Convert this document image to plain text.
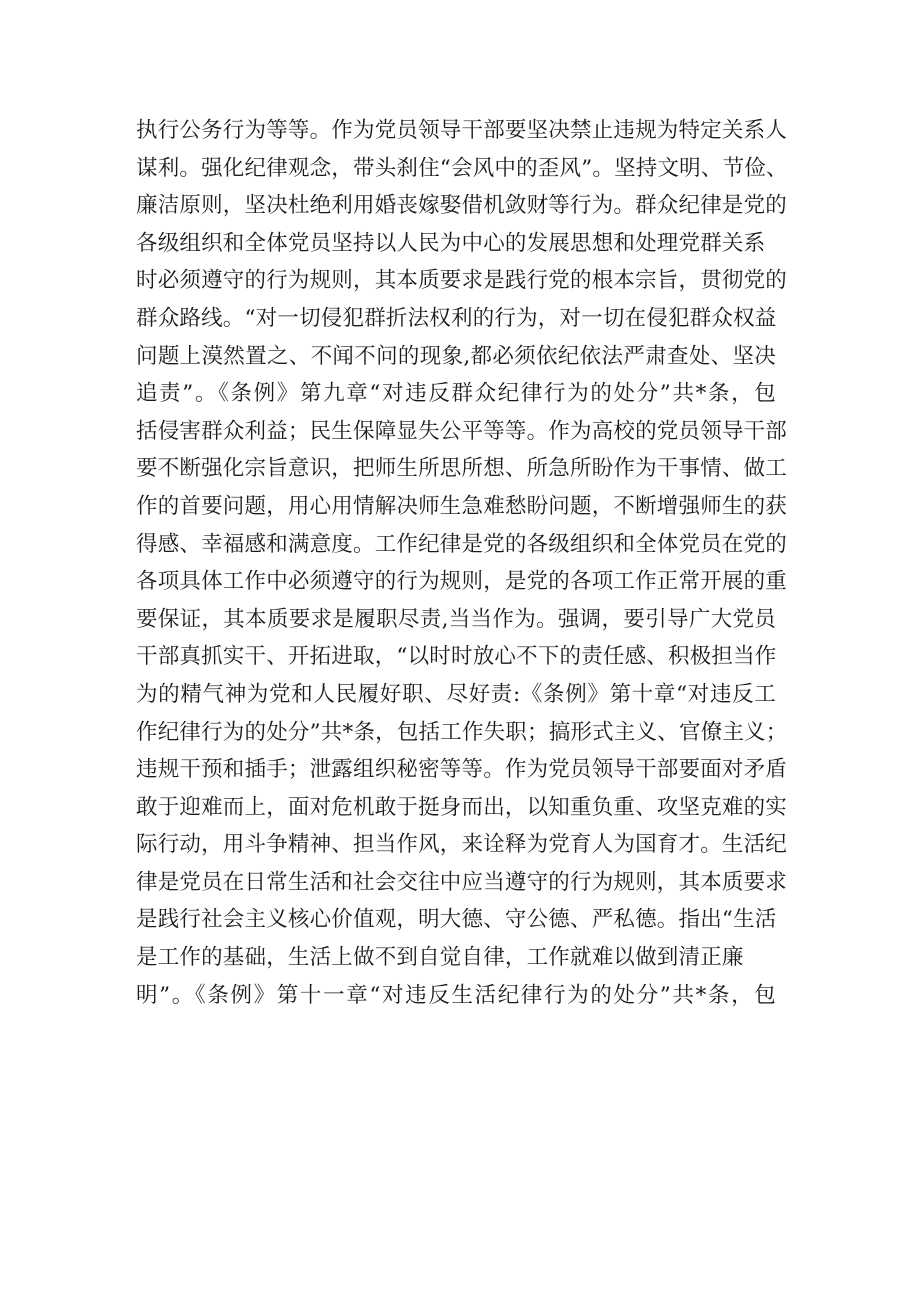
执行公务行为等等。作为党员领导干部要坚决禁止违规为特定关系人
谋利。强化纪律观念，带头刹住“会风中的歪风”。坚持文明、节俭、
廉洁原则，坚决杜绝利用婚丧嫁娶借机敛财等行为。群众纪律是党的
各级组织和全体党员坚持以人民为中心的发展思想和处理党群关系
时必须遵守的行为规则，其本质要求是践行党的根本宗旨，贯彻党的
群众路线。“对一切侵犯群折法权利的行为，对一切在侵犯群众权益
问题上漠然置之、不闻不问的现象,都必须依纪依法严肃查处、坚决
追责”。《条例》第九章“对违反群众纪律行为的处分”共*条，包
括侵害群众利益；民生保障显失公平等等。作为高校的党员领导干部
要不断强化宗旨意识，把师生所思所想、所急所盼作为干事情、做工
作的首要问题，用心用情解决师生急难愁盼问题，不断增强师生的获
得感、幸福感和满意度。工作纪律是党的各级组织和全体党员在党的
各项具体工作中必须遵守的行为规则，是党的各项工作正常开展的重
要保证，其本质要求是履职尽责,当当作为。强调，要引导广大党员
干部真抓实干、开拓进取，“以时时放心不下的责任感、积极担当作
为的精气神为党和人民履好职、尽好责:《条例》第十章“对违反工
作纪律行为的处分”共*条，包括工作失职；搞形式主义、官僚主义；
违规干预和插手；泄露组织秘密等等。作为党员领导干部要面对矛盾
敢于迎难而上，面对危机敢于挺身而出，以知重负重、攻坚克难的实
际行动，用斗争精神、担当作风，来诠释为党育人为国育才。生活纪
律是党员在日常生活和社会交往中应当遵守的行为规则，其本质要求
是践行社会主义核心价值观，明大德、守公德、严私德。指出“生活
是工作的基础，生活上做不到自觉自律，工作就难以做到清正廉
明”。《条例》第十一章“对违反生活纪律行为的处分”共*条，包
